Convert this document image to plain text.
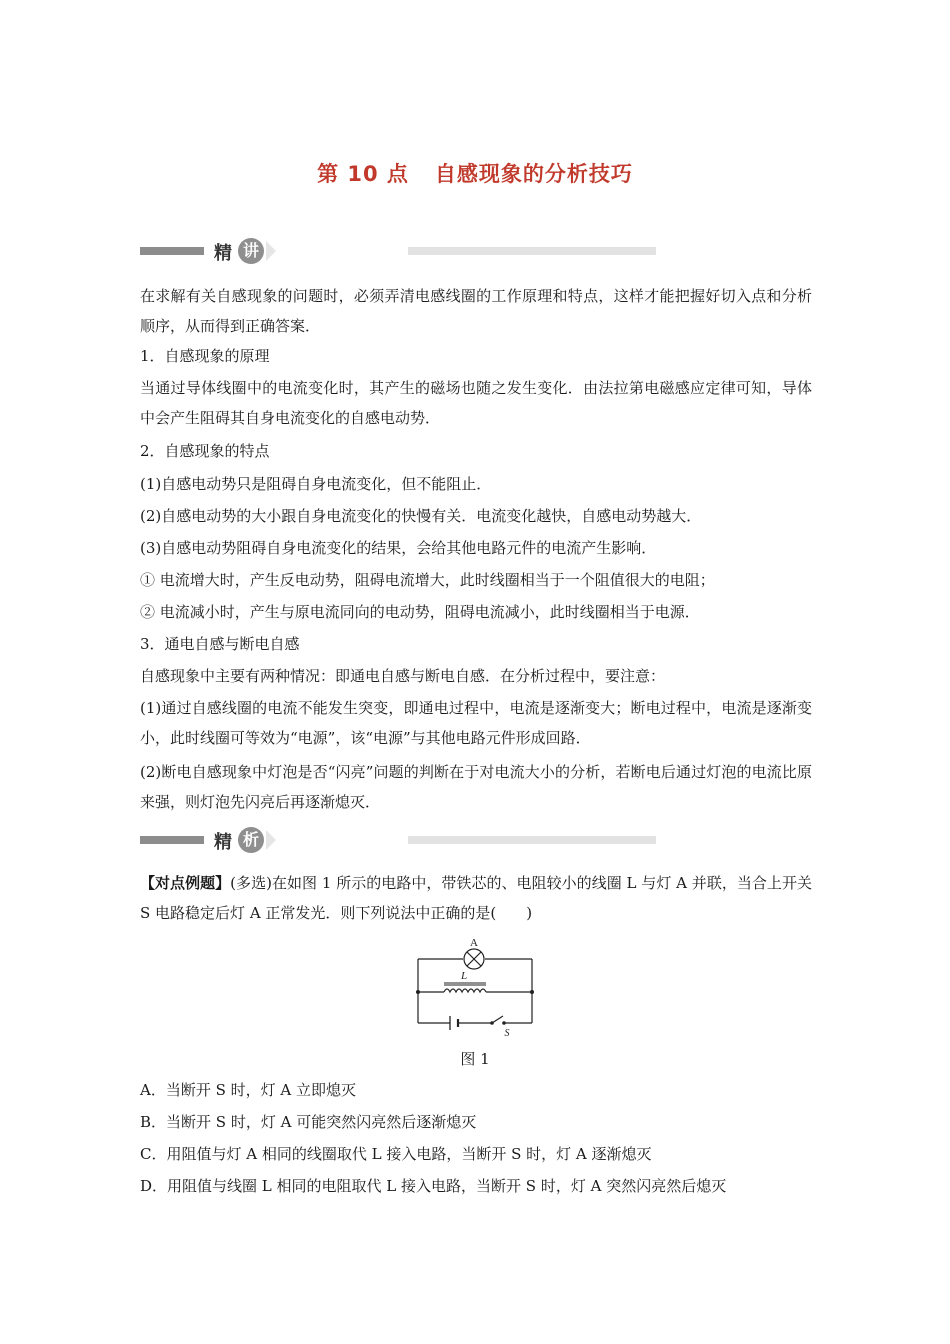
第 10 点 自感现象的分析技巧
精 讲

在求解有关自感现象的问题时，必须弄清电感线圈的工作原理和特点，这样才能把握好切入点和分析顺序，从而得到正确答案．

1．自感现象的原理

当通过导体线圈中的电流变化时，其产生的磁场也随之发生变化．由法拉第电磁感应定律可知，导体中会产生阻碍其自身电流变化的自感电动势．

2．自感现象的特点

(1)自感电动势只是阻碍自身电流变化，但不能阻止．

(2)自感电动势的大小跟自身电流变化的快慢有关．电流变化越快，自感电动势越大．

(3)自感电动势阻碍自身电流变化的结果，会给其他电路元件的电流产生影响．

① 电流增大时，产生反电动势，阻碍电流增大，此时线圈相当于一个阻值很大的电阻；

② 电流减小时，产生与原电流同向的电动势，阻碍电流减小，此时线圈相当于电源．

3．通电自感与断电自感

自感现象中主要有两种情况：即通电自感与断电自感．在分析过程中，要注意：

(1)通过自感线圈的电流不能发生突变，即通电过程中，电流是逐渐变大；断电过程中，电流是逐渐变小，此时线圈可等效为“电源”，该“电源”与其他电路元件形成回路．

(2)断电自感现象中灯泡是否“闪亮”问题的判断在于对电流大小的分析，若断电后通过灯泡的电流比原来强，则灯泡先闪亮后再逐渐熄灭．

精 析

【对点例题】(多选)在如图 1 所示的电路中，带铁芯的、电阻较小的线圈 L 与灯 A 并联，当合上开关 S 电路稳定后灯 A 正常发光．则下列说法中正确的是(　　)

A
L
S
图 1

A．当断开 S 时，灯 A 立即熄灭

B．当断开 S 时，灯 A 可能突然闪亮然后逐渐熄灭

C．用阻值与灯 A 相同的线圈取代 L 接入电路，当断开 S 时，灯 A 逐渐熄灭

D．用阻值与线圈 L 相同的电阻取代 L 接入电路，当断开 S 时，灯 A 突然闪亮然后熄灭
